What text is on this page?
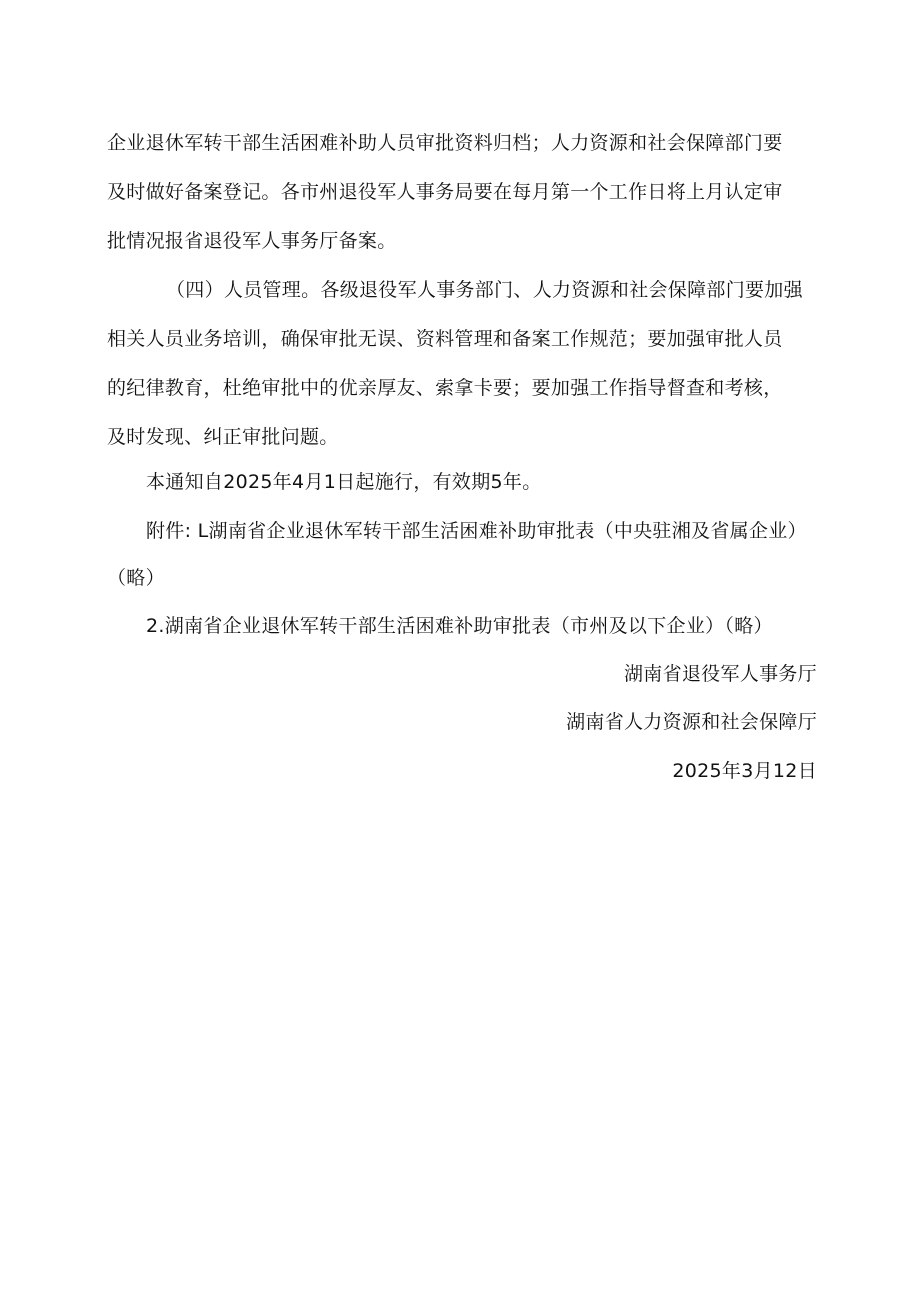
企业退休军转干部生活困难补助人员审批资料归档；人力资源和社会保障部门要
及时做好备案登记。各市州退役军人事务局要在每月第一个工作日将上月认定审
批情况报省退役军人事务厅备案。
（四）人员管理。各级退役军人事务部门、人力资源和社会保障部门要加强
相关人员业务培训，确保审批无误、资料管理和备案工作规范；要加强审批人员
的纪律教育，杜绝审批中的优亲厚友、索拿卡要；要加强工作指导督查和考核，
及时发现、纠正审批问题。
本通知自2025年4月1日起施行，有效期5年。
附件: L湖南省企业退休军转干部生活困难补助审批表（中央驻湘及省属企业）
（略）
2.湖南省企业退休军转干部生活困难补助审批表（市州及以下企业）（略）
湖南省退役军人事务厅
湖南省人力资源和社会保障厅
2025年3月12日
